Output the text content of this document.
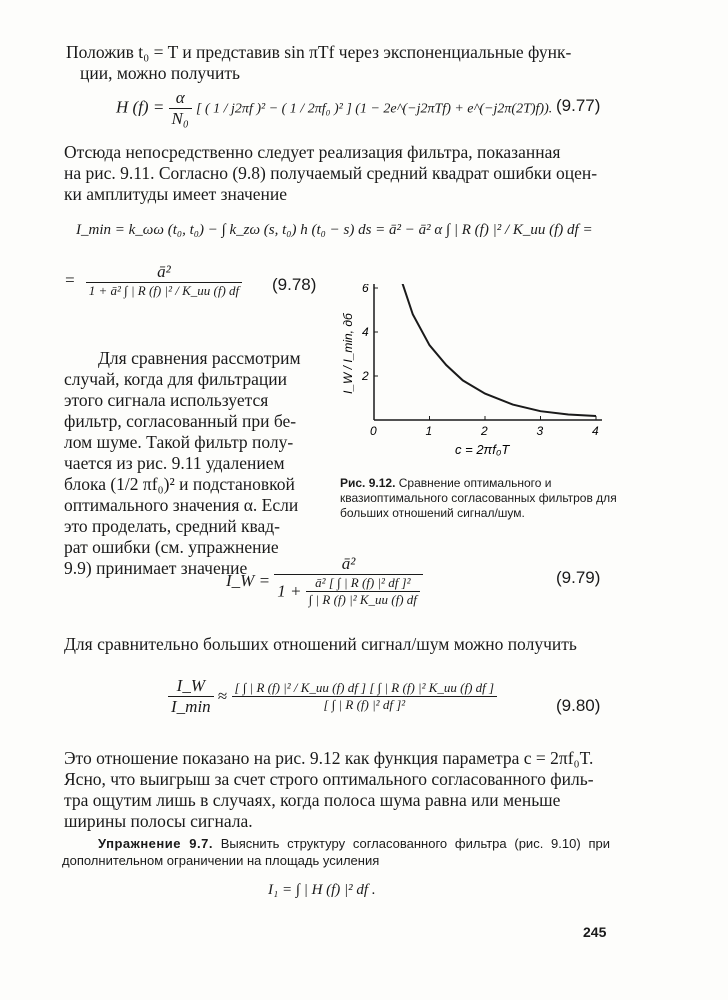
Положив t₀ = T и представив sin πTf через экспоненциальные функ-
ции, можно получить

H $(f) = \frac{\alpha}{\text{N₀}}$ [ ( 1 / j2πf )² − ( 1 / 2πf₀ )² ] (1 − 2e^(−j2πTf) + e^(−j2π(2T)f)). (9.77)

Отсюда непосредственно следует реализация фильтра, показанная
на рис. 9.11. Согласно (9.8) получаемый средний квадрат ошибки оцен-
ки амплитуды имеет значение

I_min = k_ωω (t₀, t₀) − ∫ k_zω (s, t₀) h (t₀ − s) ds = ā² − ā² α ∫ | R (f) |² / K_uu (f) df =
= $\frac{\text{ā²}}{\text{1 + ā² ∫ | R (f) |² / K\_uu (f) df}} (9.78)$

Для сравнения рассмотрим
случай, когда для фильтрации
этого сигнала используется
фильтр, согласованный при бе-
лом шуме. Такой фильтр полу-
чается из рис. 9.11 удалением
блока (1/2 πf₀)² и подстановкой
оптимального значения α. Если
это проделать, средний квад-
рат ошибки (см. упражнение
9.9) принимает значение

0	1	2	3	4
2
4
6
c = 2πf₀T
I_W / I_min, дб

Рис. 9.12. Сравнение оптимального и квазиоптимального согласованных фильтров для больших отношений сигнал/шум.

I_W =
ā²
$1 + \frac{\text{ā² [ ∫ | R (f) |² df ]²}}{\text{∫ | R (f) |² K\_uu (f) df}}$	(9.79)

Для сравнительно больших отношений сигнал/шум можно получить

$\frac{I\_W}{I\_\min} \approx \frac{\text{[ ∫ | R (f) |² / K\_uu (f) df ] [ ∫ | R (f) |² K\_uu (f) df ]}}{\text{[ ∫ | R (f) |² df ]²}}$	(9.80)

Это отношение показано на рис. 9.12 как функция параметра c = 2πf₀T.
Ясно, что выигрыш за счет строго оптимального согласованного филь-
тра ощутим лишь в случаях, когда полоса шума равна или меньше
ширины полосы сигнала.

Упражнение 9.7. Выяснить структуру согласованного фильтра (рис. 9.10) при дополнительном ограничении на площадь усиления

I₁ = ∫ | H (f) |² df .
245
